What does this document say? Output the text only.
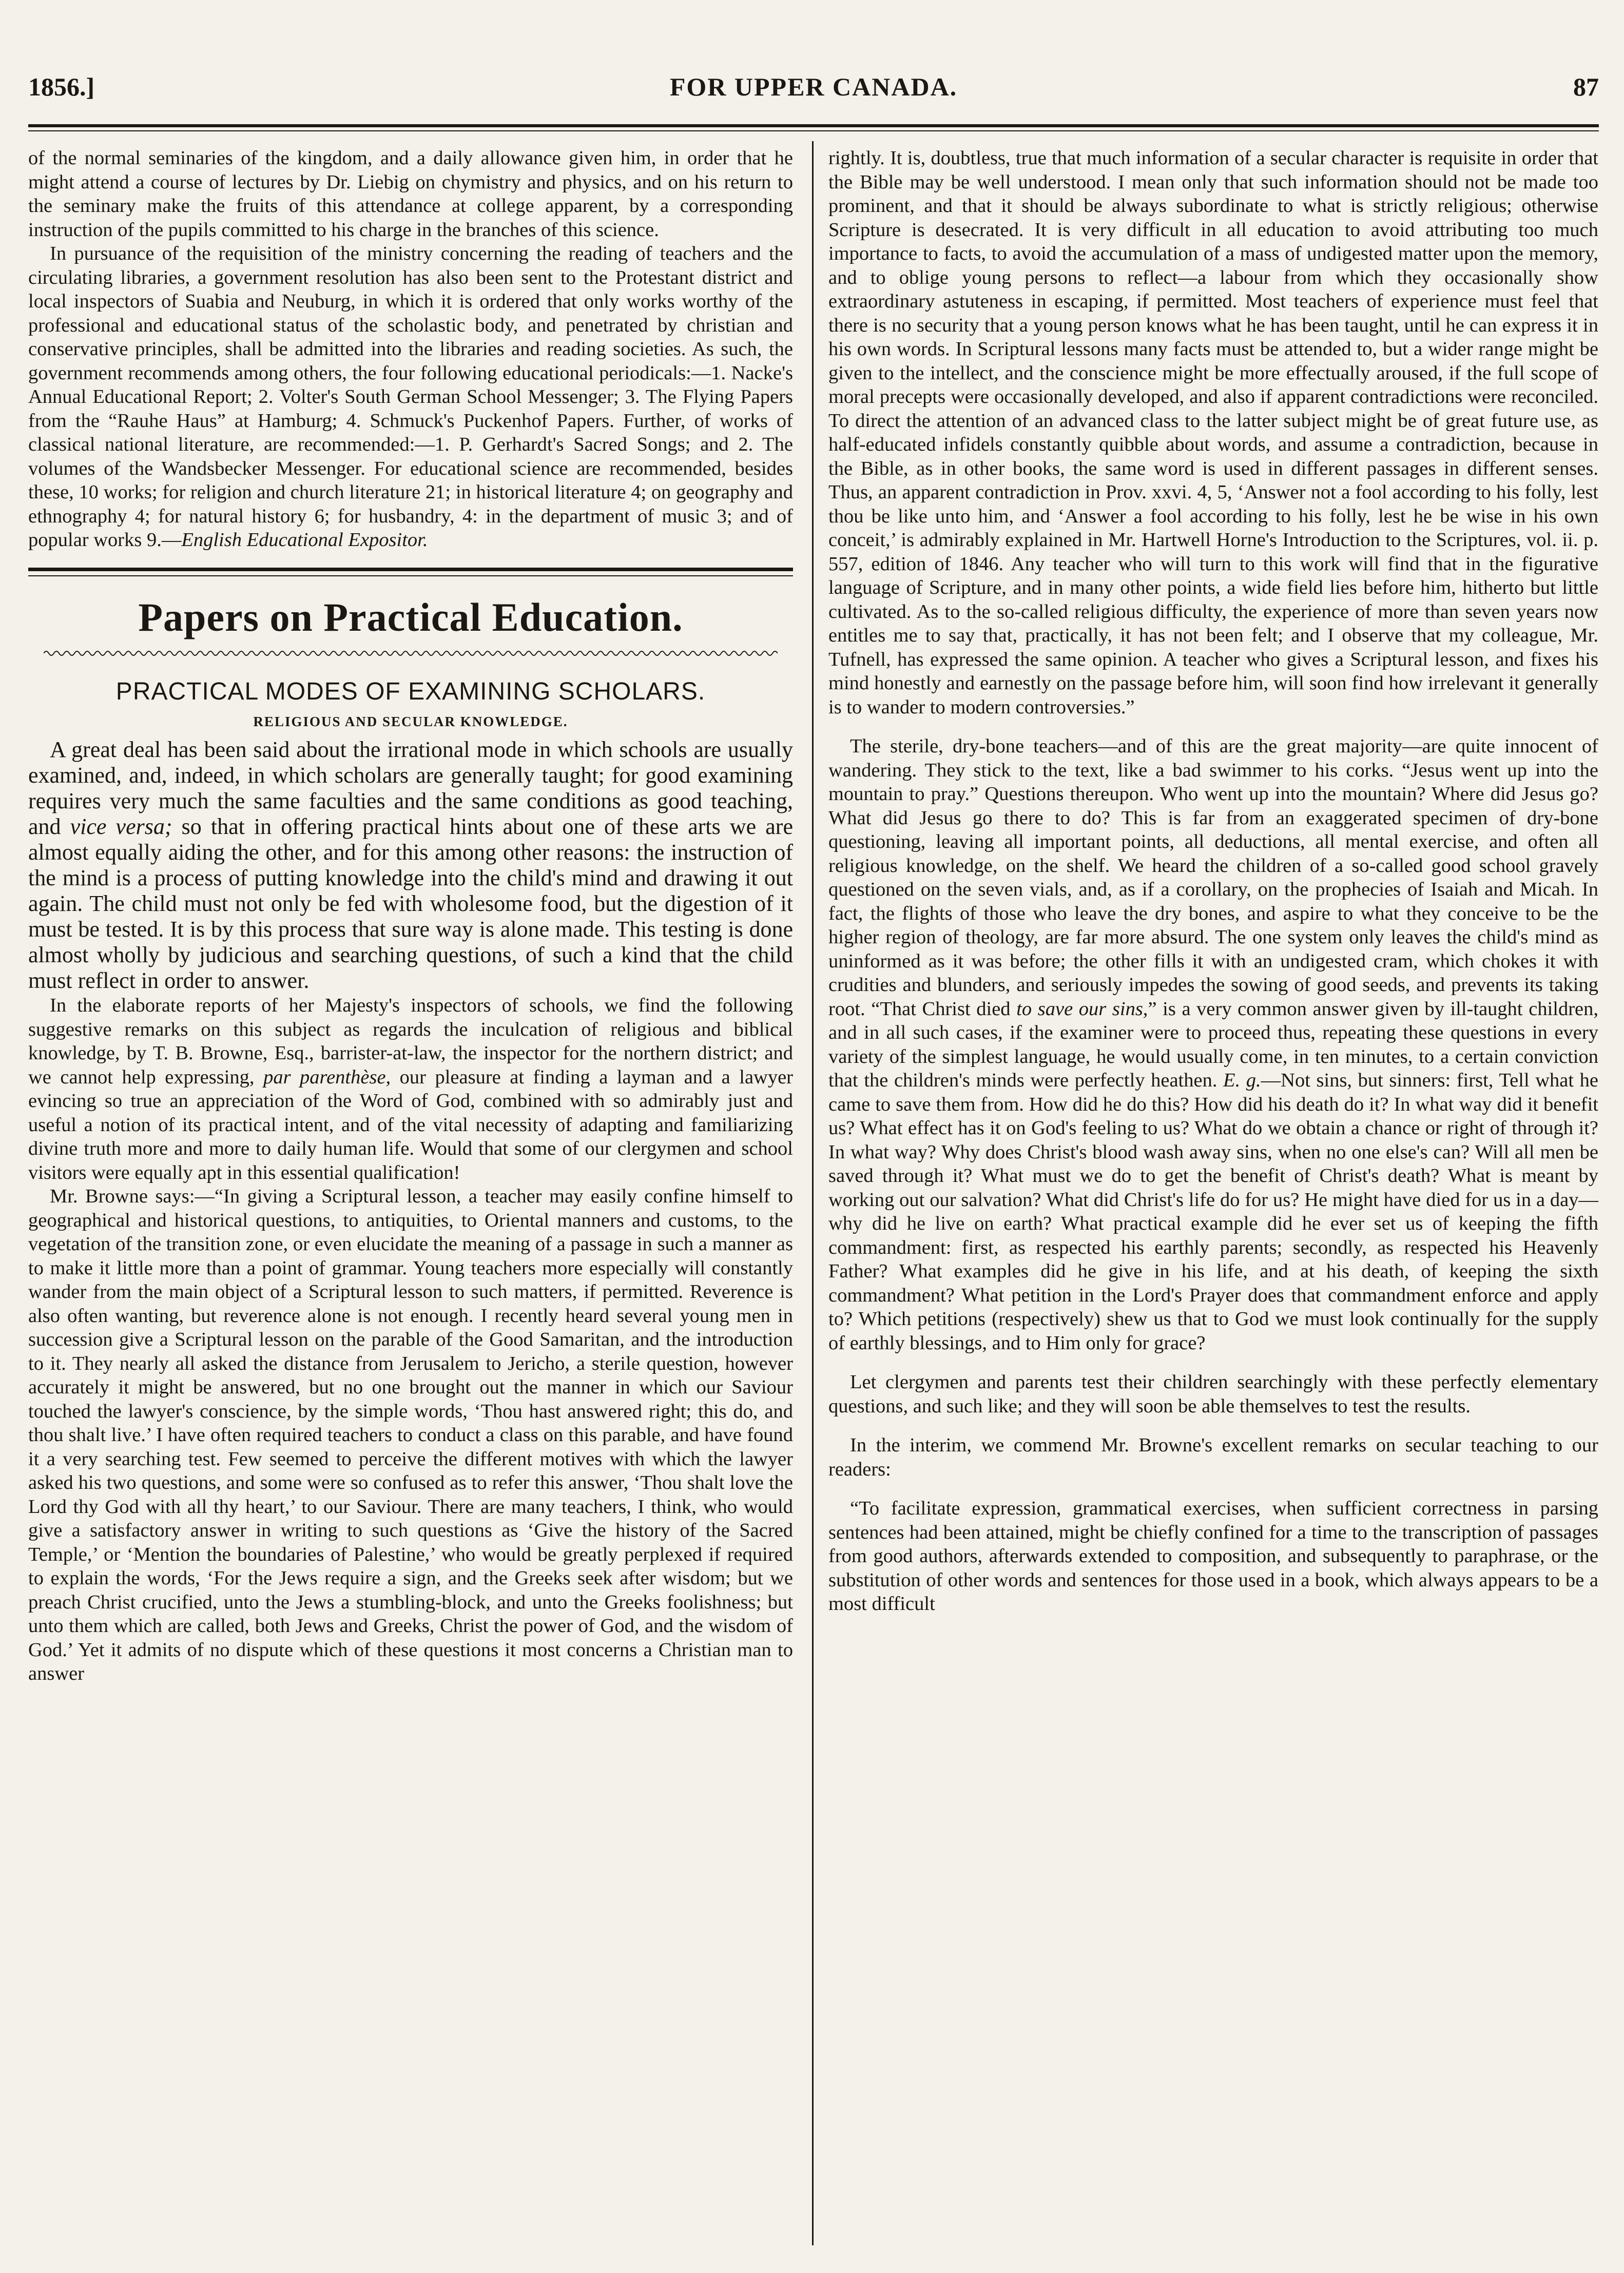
1856.]	FOR UPPER CANADA.	87

of the normal seminaries of the kingdom, and a daily allowance given him, in order that he might attend a course of lectures by Dr. Liebig on chymistry and physics, and on his return to the seminary make the fruits of this attendance at college apparent, by a corresponding instruction of the pupils committed to his charge in the branches of this science.

In pursuance of the requisition of the ministry concerning the reading of teachers and the circulating libraries, a government resolution has also been sent to the Protestant district and local inspectors of Suabia and Neuburg, in which it is ordered that only works worthy of the professional and educational status of the scholastic body, and penetrated by christian and conservative principles, shall be admitted into the libraries and reading societies. As such, the government recommends among others, the four following educational periodicals:—1. Nacke's Annual Educational Report; 2. Volter's South German School Messenger; 3. The Flying Papers from the “Rauhe Haus” at Hamburg; 4. Schmuck's Puckenhof Papers. Further, of works of classical national literature, are recommended:—1. P. Gerhardt's Sacred Songs; and 2. The volumes of the Wandsbecker Messenger. For educational science are recommended, besides these, 10 works; for religion and church literature 21; in historical literature 4; on geography and ethnography 4; for natural history 6; for husbandry, 4: in the department of music 3; and of popular works 9.—English Educational Expositor.

Papers on Practical Education.
PRACTICAL MODES OF EXAMINING SCHOLARS.
RELIGIOUS AND SECULAR KNOWLEDGE.

A great deal has been said about the irrational mode in which schools are usually examined, and, indeed, in which scholars are generally taught; for good examining requires very much the same faculties and the same conditions as good teaching, and vice versa; so that in offering practical hints about one of these arts we are almost equally aiding the other, and for this among other reasons: the instruction of the mind is a process of putting knowledge into the child's mind and drawing it out again. The child must not only be fed with wholesome food, but the digestion of it must be tested. It is by this process that sure way is alone made. This testing is done almost wholly by judicious and searching questions, of such a kind that the child must reflect in order to answer.

In the elaborate reports of her Majesty's inspectors of schools, we find the following suggestive remarks on this subject as regards the inculcation of religious and biblical knowledge, by T. B. Browne, Esq., barrister-at-law, the inspector for the northern district; and we cannot help expressing, par parenthèse, our pleasure at finding a layman and a lawyer evincing so true an appreciation of the Word of God, combined with so admirably just and useful a notion of its practical intent, and of the vital necessity of adapting and familiarizing divine truth more and more to daily human life. Would that some of our clergymen and school visitors were equally apt in this essential qualification!

Mr. Browne says:—“In giving a Scriptural lesson, a teacher may easily confine himself to geographical and historical questions, to antiquities, to Oriental manners and customs, to the vegetation of the transition zone, or even elucidate the meaning of a passage in such a manner as to make it little more than a point of grammar. Young teachers more especially will constantly wander from the main object of a Scriptural lesson to such matters, if permitted. Reverence is also often wanting, but reverence alone is not enough. I recently heard several young men in succession give a Scriptural lesson on the parable of the Good Samaritan, and the introduction to it. They nearly all asked the distance from Jerusalem to Jericho, a sterile question, however accurately it might be answered, but no one brought out the manner in which our Saviour touched the lawyer's conscience, by the simple words, ‘Thou hast answered right; this do, and thou shalt live.’ I have often required teachers to conduct a class on this parable, and have found it a very searching test. Few seemed to perceive the different motives with which the lawyer asked his two questions, and some were so confused as to refer this answer, ‘Thou shalt love the Lord thy God with all thy heart,’ to our Saviour. There are many teachers, I think, who would give a satisfactory answer in writing to such questions as ‘Give the history of the Sacred Temple,’ or ‘Mention the boundaries of Palestine,’ who would be greatly perplexed if required to explain the words, ‘For the Jews require a sign, and the Greeks seek after wisdom; but we preach Christ crucified, unto the Jews a stumbling-block, and unto the Greeks foolishness; but unto them which are called, both Jews and Greeks, Christ the power of God, and the wisdom of God.’ Yet it admits of no dispute which of these questions it most concerns a Christian man to answer

rightly. It is, doubtless, true that much information of a secular character is requisite in order that the Bible may be well understood. I mean only that such information should not be made too prominent, and that it should be always subordinate to what is strictly religious; otherwise Scripture is desecrated. It is very difficult in all education to avoid attributing too much importance to facts, to avoid the accumulation of a mass of undigested matter upon the memory, and to oblige young persons to reflect—a labour from which they occasionally show extraordinary astuteness in escaping, if permitted. Most teachers of experience must feel that there is no security that a young person knows what he has been taught, until he can express it in his own words. In Scriptural lessons many facts must be attended to, but a wider range might be given to the intellect, and the conscience might be more effectually aroused, if the full scope of moral precepts were occasionally developed, and also if apparent contradictions were reconciled. To direct the attention of an advanced class to the latter subject might be of great future use, as half-educated infidels constantly quibble about words, and assume a contradiction, because in the Bible, as in other books, the same word is used in different passages in different senses. Thus, an apparent contradiction in Prov. xxvi. 4, 5, ‘Answer not a fool according to his folly, lest thou be like unto him, and ‘Answer a fool according to his folly, lest he be wise in his own conceit,’ is admirably explained in Mr. Hartwell Horne's Introduction to the Scriptures, vol. ii. p. 557, edition of 1846. Any teacher who will turn to this work will find that in the figurative language of Scripture, and in many other points, a wide field lies before him, hitherto but little cultivated. As to the so-called religious difficulty, the experience of more than seven years now entitles me to say that, practically, it has not been felt; and I observe that my colleague, Mr. Tufnell, has expressed the same opinion. A teacher who gives a Scriptural lesson, and fixes his mind honestly and earnestly on the passage before him, will soon find how irrelevant it generally is to wander to modern controversies.”

The sterile, dry-bone teachers—and of this are the great majority—are quite innocent of wandering. They stick to the text, like a bad swimmer to his corks. “Jesus went up into the mountain to pray.” Questions thereupon. Who went up into the mountain? Where did Jesus go? What did Jesus go there to do? This is far from an exaggerated specimen of dry-bone questioning, leaving all important points, all deductions, all mental exercise, and often all religious knowledge, on the shelf. We heard the children of a so-called good school gravely questioned on the seven vials, and, as if a corollary, on the prophecies of Isaiah and Micah. In fact, the flights of those who leave the dry bones, and aspire to what they conceive to be the higher region of theology, are far more absurd. The one system only leaves the child's mind as uninformed as it was before; the other fills it with an undigested cram, which chokes it with crudities and blunders, and seriously impedes the sowing of good seeds, and prevents its taking root. “That Christ died to save our sins,” is a very common answer given by ill-taught children, and in all such cases, if the examiner were to proceed thus, repeating these questions in every variety of the simplest language, he would usually come, in ten minutes, to a certain conviction that the children's minds were perfectly heathen. E. g.—Not sins, but sinners: first, Tell what he came to save them from. How did he do this? How did his death do it? In what way did it benefit us? What effect has it on God's feeling to us? What do we obtain a chance or right of through it? In what way? Why does Christ's blood wash away sins, when no one else's can? Will all men be saved through it? What must we do to get the benefit of Christ's death? What is meant by working out our salvation? What did Christ's life do for us? He might have died for us in a day—why did he live on earth? What practical example did he ever set us of keeping the fifth commandment: first, as respected his earthly parents; secondly, as respected his Heavenly Father? What examples did he give in his life, and at his death, of keeping the sixth commandment? What petition in the Lord's Prayer does that commandment enforce and apply to? Which petitions (respectively) shew us that to God we must look continually for the supply of earthly blessings, and to Him only for grace?

Let clergymen and parents test their children searchingly with these perfectly elementary questions, and such like; and they will soon be able themselves to test the results.

In the interim, we commend Mr. Browne's excellent remarks on secular teaching to our readers:

“To facilitate expression, grammatical exercises, when sufficient correctness in parsing sentences had been attained, might be chiefly confined for a time to the transcription of passages from good authors, afterwards extended to composition, and subsequently to paraphrase, or the substitution of other words and sentences for those used in a book, which always appears to be a most difficult
